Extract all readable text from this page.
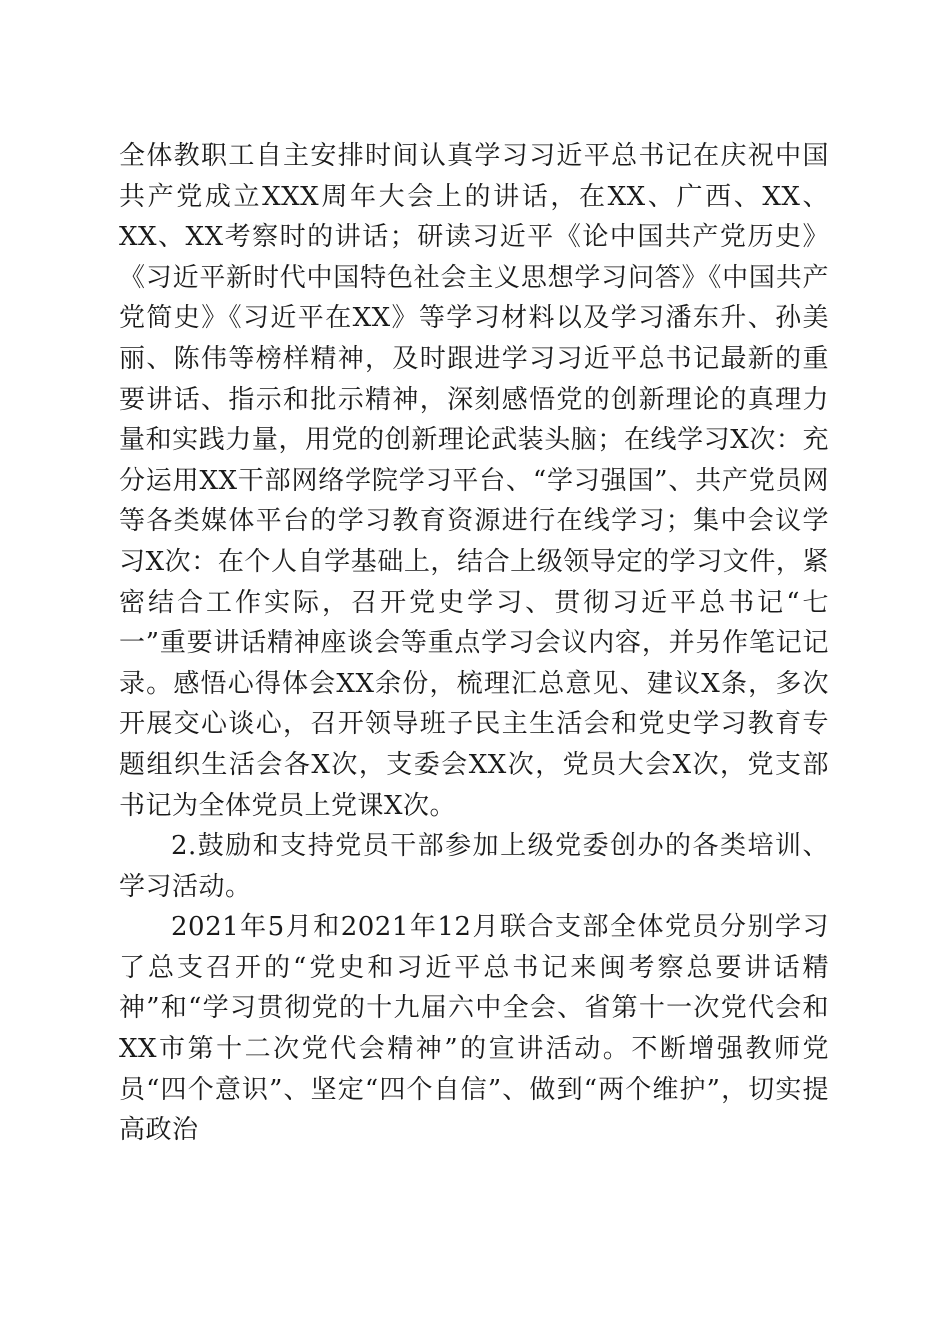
全体教职工自主安排时间认真学习习近平总书记在庆祝中国共产党成立XXX周年大会上的讲话，在XX、广西、XX、XX、XX考察时的讲话；研读习近平《论中国共产党历史》《习近平新时代中国特色社会主义思想学习问答》《中国共产党简史》《习近平在XX》等学习材料以及学习潘东升、孙美丽、陈伟等榜样精神，及时跟进学习习近平总书记最新的重要讲话、指示和批示精神，深刻感悟党的创新理论的真理力量和实践力量，用党的创新理论武装头脑；在线学习X次：充分运用XX干部网络学院学习平台、“学习强国”、共产党员网等各类媒体平台的学习教育资源进行在线学习；集中会议学习X次：在个人自学基础上，结合上级领导定的学习文件，紧密结合工作实际，召开党史学习、贯彻习近平总书记“七一”重要讲话精神座谈会等重点学习会议内容，并另作笔记记录。感悟心得体会XX余份，梳理汇总意见、建议X条，多次开展交心谈心，召开领导班子民主生活会和党史学习教育专题组织生活会各X次，支委会XX次，党员大会X次，党支部书记为全体党员上党课X次。

2.鼓励和支持党员干部参加上级党委创办的各类培训、学习活动。

2021年5月和2021年12月联合支部全体党员分别学习了总支召开的“党史和习近平总书记来闽考察总要讲话精神”和“学习贯彻党的十九届六中全会、省第十一次党代会和XX市第十二次党代会精神”的宣讲活动。不断增强教师党员“四个意识”、坚定“四个自信”、做到“两个维护”，切实提高政治
